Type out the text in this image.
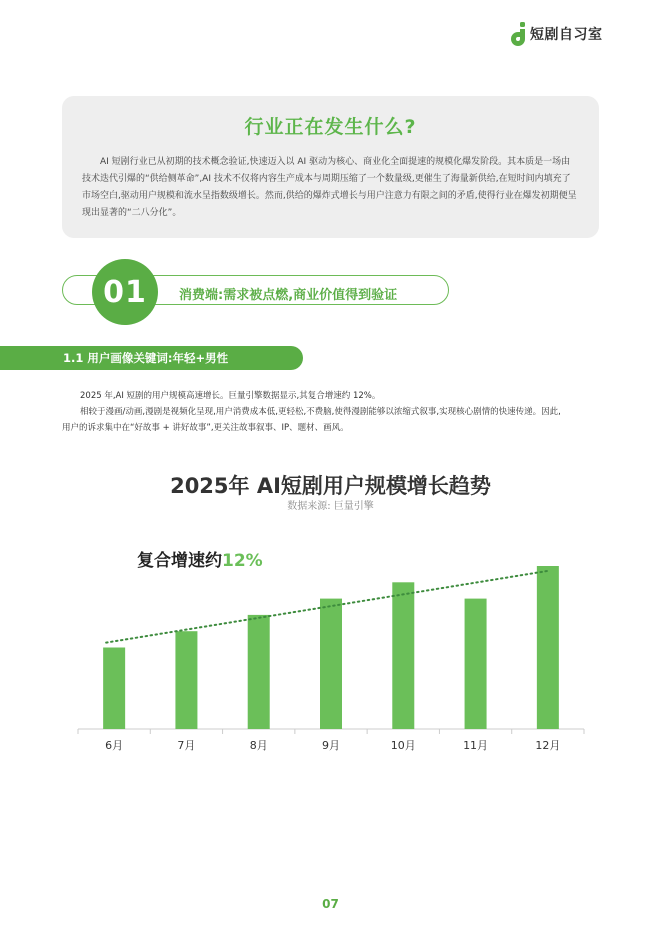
短剧自习室
行业正在发生什么?
AI 短剧行业已从初期的技术概念验证,快速迈入以 AI 驱动为核心、商业化全面提速的规模化爆发阶段。其本质是一场由技术迭代引爆的“供给侧革命”,AI 技术不仅将内容生产成本与周期压缩了一个数量级,更催生了海量新供给,在短时间内填充了市场空白,驱动用户规模和流水呈指数级增长。然而,供给的爆炸式增长与用户注意力有限之间的矛盾,使得行业在爆发初期便呈现出显著的“二八分化”。
01 消费端:需求被点燃,商业价值得到验证
1.1 用户画像关键词:年轻+男性
2025 年,AI 短剧的用户规模高速增长。巨量引擎数据显示,其复合增速约 12%。
相较于漫画/动画,漫剧是视频化呈现,用户消费成本低,更轻松,不费脑,使得漫剧能够以浓缩式叙事,实现核心剧情的快速传递。因此,
用户的诉求集中在“好故事 + 讲好故事”,更关注故事叙事、IP、题材、画风。
2025年 AI短剧用户规模增长趋势
数据来源: 巨量引擎
复合增速约12%
6月	7月	8月	9月	10月	11月	12月
07
